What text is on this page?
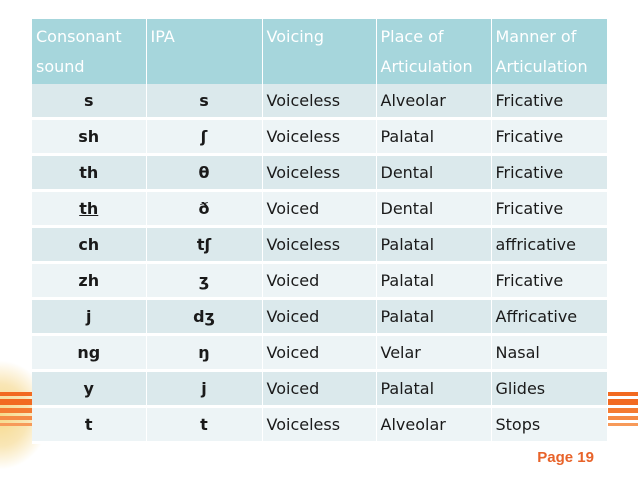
Consonant sound	IPA	Voicing	Place of Articulation	Manner of Articulation
s	s	Voiceless	Alveolar	Fricative
sh	ʃ	Voiceless	Palatal	Fricative
th	θ	Voiceless	Dental	Fricative
th	ð	Voiced	Dental	Fricative
ch	tʃ	Voiceless	Palatal	affricative
zh	ʒ	Voiced	Palatal	Fricative
j	dʒ	Voiced	Palatal	Affricative
ng	ŋ	Voiced	Velar	Nasal
y	j	Voiced	Palatal	Glides
t	t	Voiceless	Alveolar	Stops
Page 19
